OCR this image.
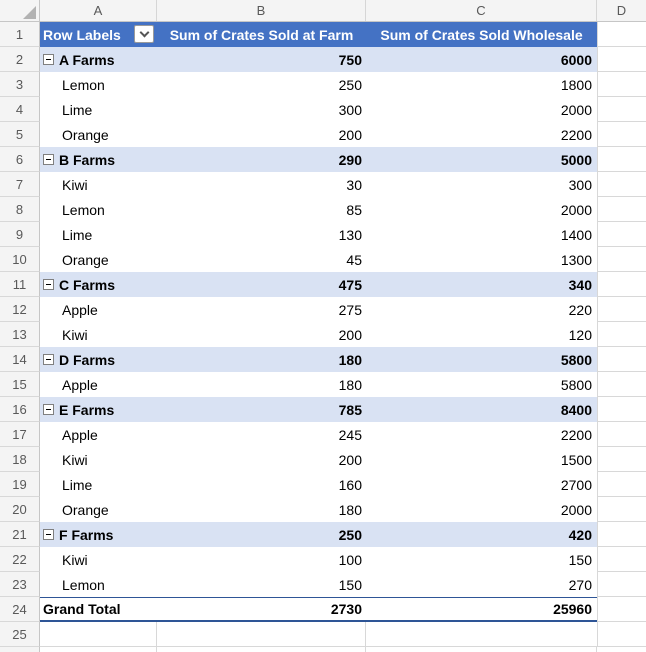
A	B	C	D
1	Row Labels	Sum of Crates Sold at Farm	Sum of Crates Sold Wholesale
2	A Farms	750	6000
3	Lemon	250	1800
4	Lime	300	2000
5	Orange	200	2200
6	B Farms	290	5000
7	Kiwi	30	300
8	Lemon	85	2000
9	Lime	130	1400
10	Orange	45	1300
11	C Farms	475	340
12	Apple	275	220
13	Kiwi	200	120
14	D Farms	180	5800
15	Apple	180	5800
16	E Farms	785	8400
17	Apple	245	2200
18	Kiwi	200	1500
19	Lime	160	2700
20	Orange	180	2000
21	F Farms	250	420
22	Kiwi	100	150
23	Lemon	150	270
24	Grand Total	2730	25960
25
